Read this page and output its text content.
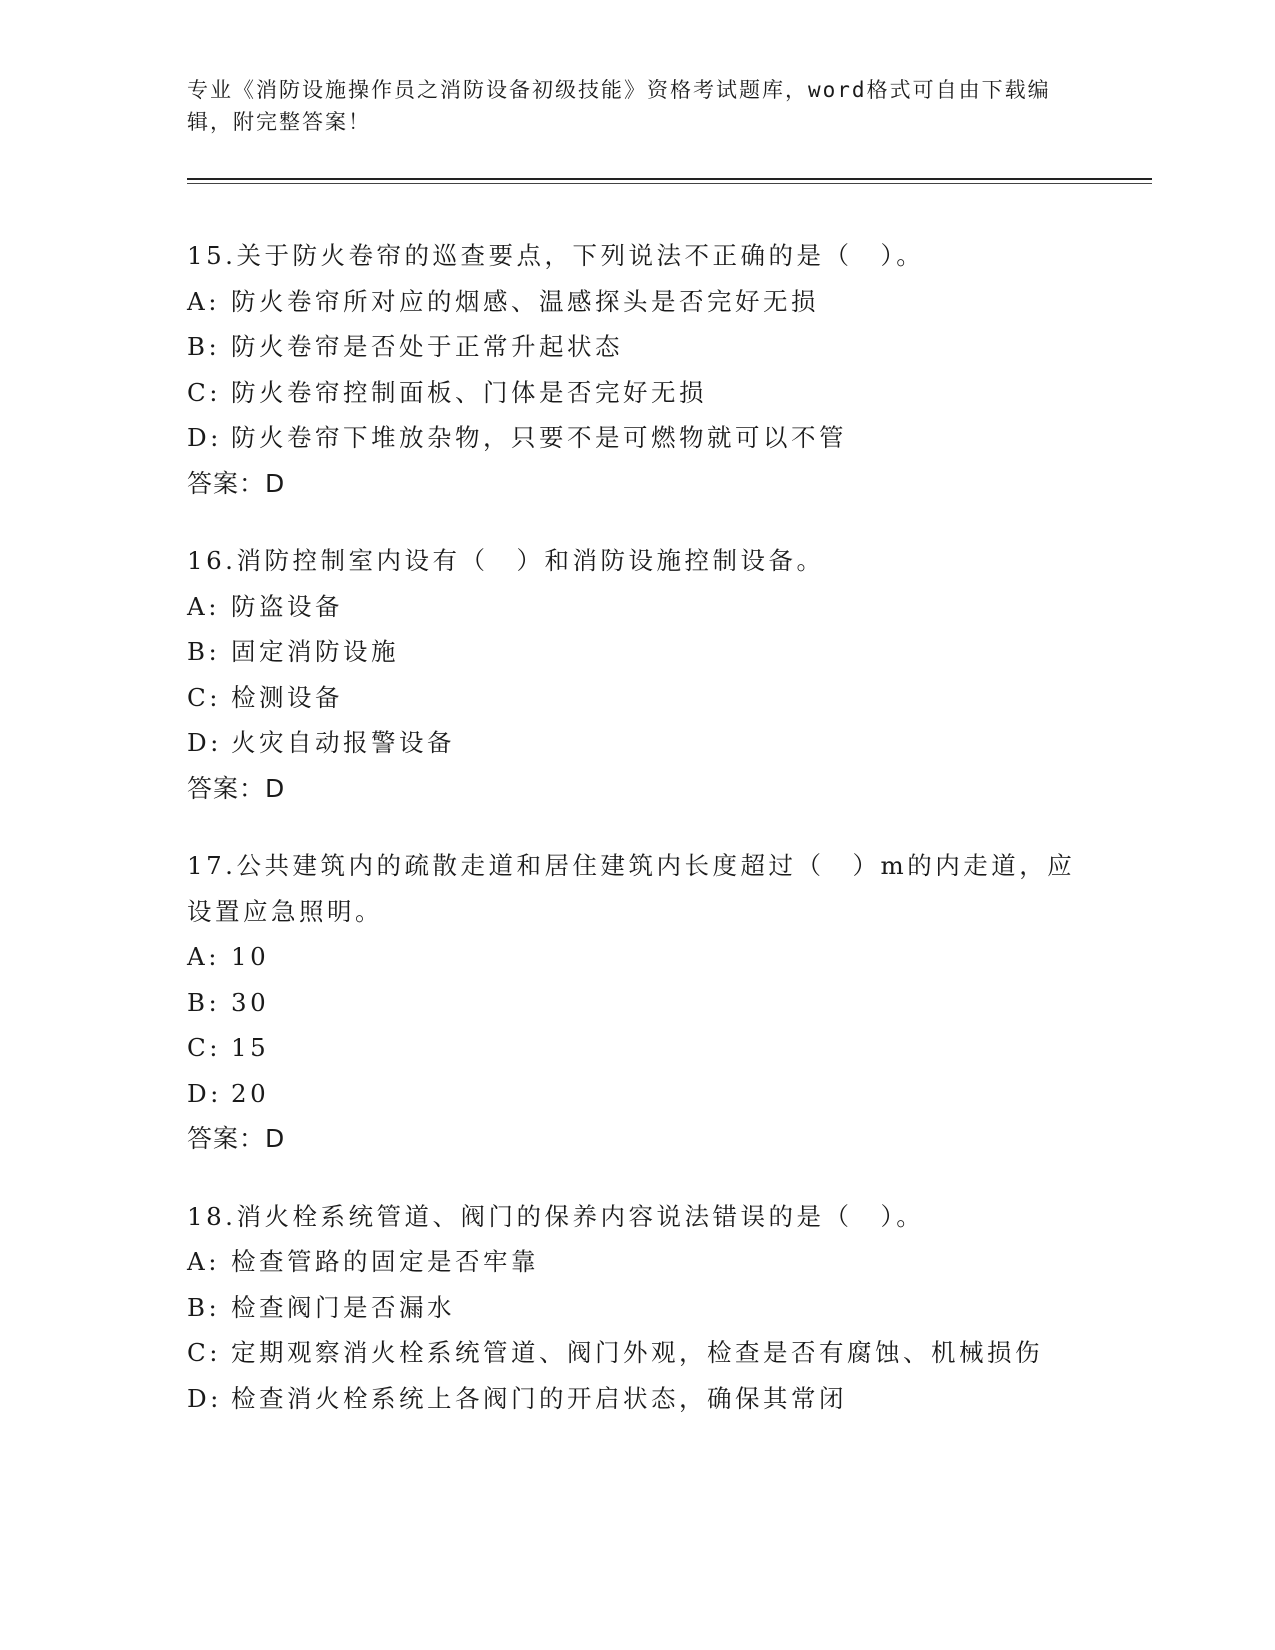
专业《消防设施操作员之消防设备初级技能》资格考试题库，word格式可自由下载编辑，附完整答案！
15.关于防火卷帘的巡查要点，下列说法不正确的是（　）。
A: 防火卷帘所对应的烟感、温感探头是否完好无损
B: 防火卷帘是否处于正常升起状态
C: 防火卷帘控制面板、门体是否完好无损
D: 防火卷帘下堆放杂物，只要不是可燃物就可以不管
答案：D
16.消防控制室内设有（　）和消防设施控制设备。
A: 防盗设备
B: 固定消防设施
C: 检测设备
D: 火灾自动报警设备
答案：D
17.公共建筑内的疏散走道和居住建筑内长度超过（　）m的内走道，应设置应急照明。
A: 10
B: 30
C: 15
D: 20
答案：D
18.消火栓系统管道、阀门的保养内容说法错误的是（　）。
A: 检查管路的固定是否牢靠
B: 检查阀门是否漏水
C: 定期观察消火栓系统管道、阀门外观，检查是否有腐蚀、机械损伤
D: 检查消火栓系统上各阀门的开启状态，确保其常闭
